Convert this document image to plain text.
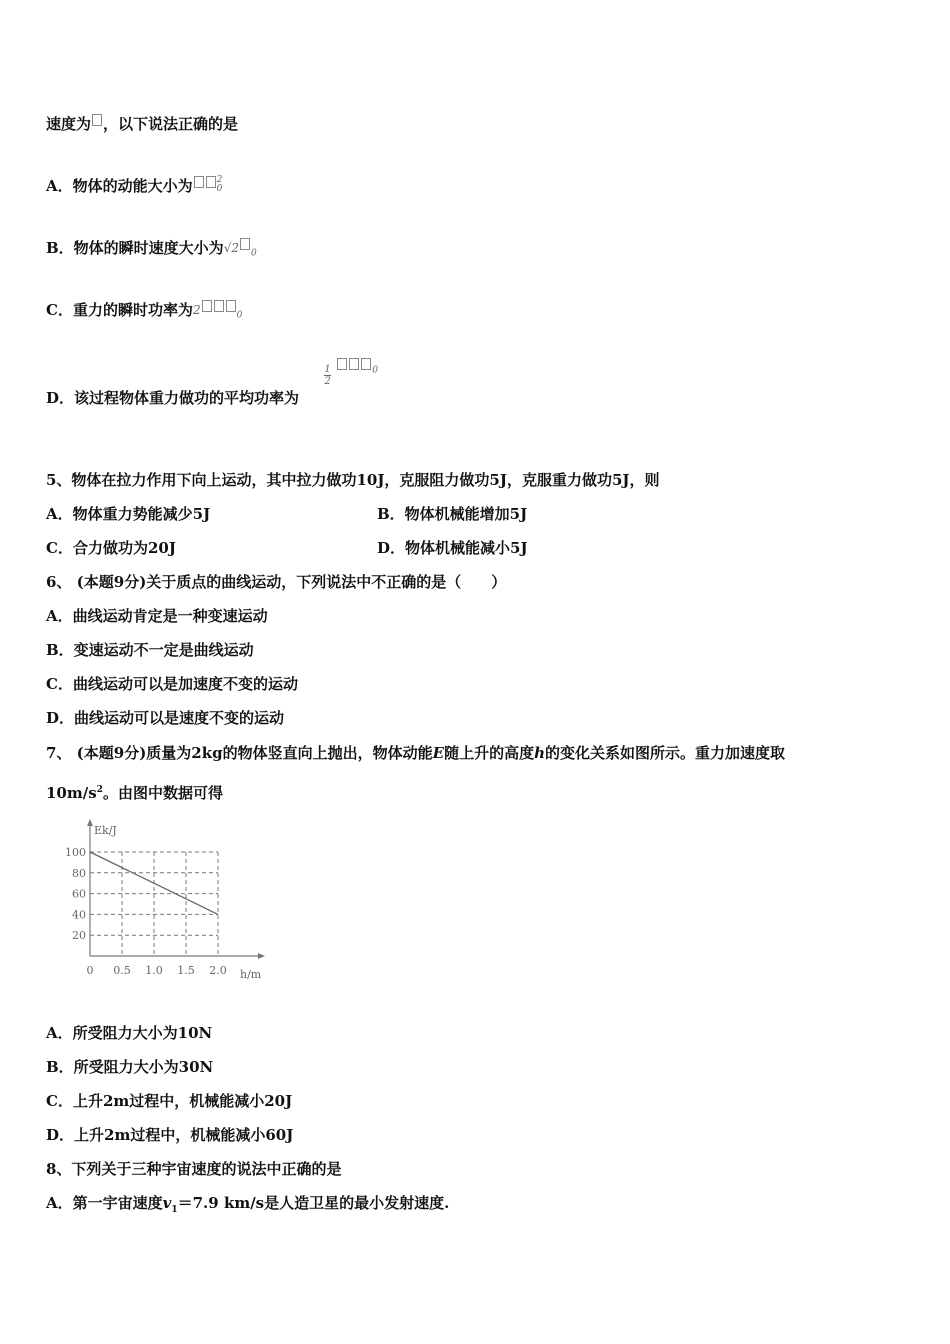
速度为 ，以下说法正确的是
A．物体的动能大小为	2
0
B．物体的瞬时速度大小为$^{√2 _0}$
C．重力的瞬时功率为$^{2 _0}$
D．该过程物体重力做功的平均功率为
$\frac{1}{2}$	$^{_0}$
5、物体在拉力作用下向上运动，其中拉力做功10J，克服阻力做功5J，克服重力做功5J，则
A．物体重力势能减少5J	B．物体机械能增加5J
C．合力做功为20J	D．物体机械能减小5J
6、 (本题9分)关于质点的曲线运动，下列说法中不正确的是（　　）
A．曲线运动肯定是一种变速运动
B．变速运动不一定是曲线运动
C．曲线运动可以是加速度不变的运动
D．曲线运动可以是速度不变的运动
7、 (本题9分)质量为2kg的物体竖直向上抛出，物体动能E随上升的高度h的变化关系如图所示。重力加速度取
$10m/s^2$。由图中数据可得
20
40
60
80
100
0 0.5 1.0 1.5 2.0
Ek/J
h/m
A．所受阻力大小为10N
B．所受阻力大小为30N
C．上升2m过程中，机械能减小20J
D．上升2m过程中，机械能减小60J
8、下列关于三种宇宙速度的说法中正确的是
A．第一宇宙速度$v_1=7.9$ km/s是人造卫星的最小发射速度.
